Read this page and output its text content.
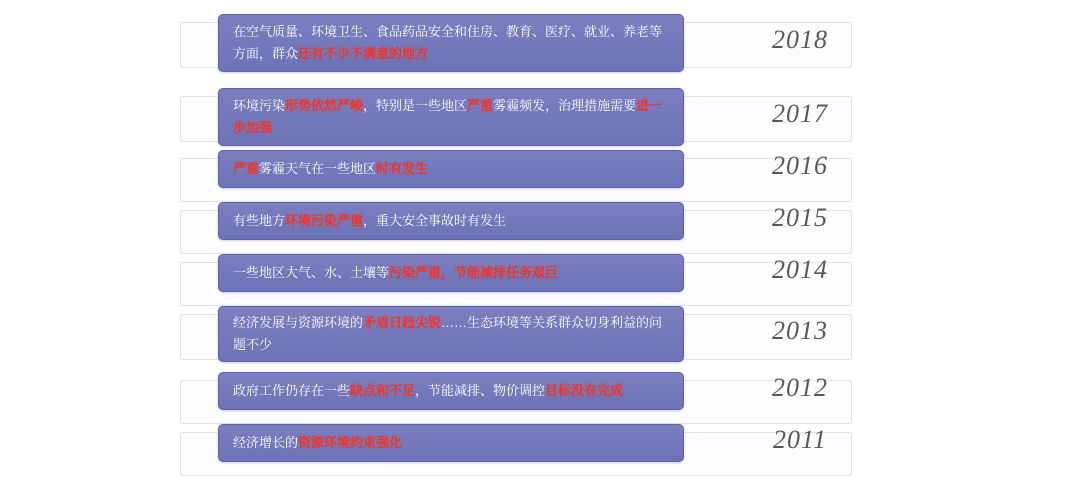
在空气质量、环境卫生、食品药品安全和住房、教育、医疗、就业、养老等方面，群众还有不少不满意的地方	2018
环境污染形势依然严峻，特别是一些地区严重雾霾频发，治理措施需要进一步加强	2017
严重雾霾天气在一些地区时有发生	2016
有些地方环境污染严重，重大安全事故时有发生	2015
一些地区大气、水、土壤等污染严重，节能减排任务艰巨	2014
经济发展与资源环境的矛盾日趋尖锐……生态环境等关系群众切身利益的问题不少	2013
政府工作仍存在一些缺点和不足，节能减排、物价调控目标没有完成	2012
经济增长的资源环境约束强化	2011
